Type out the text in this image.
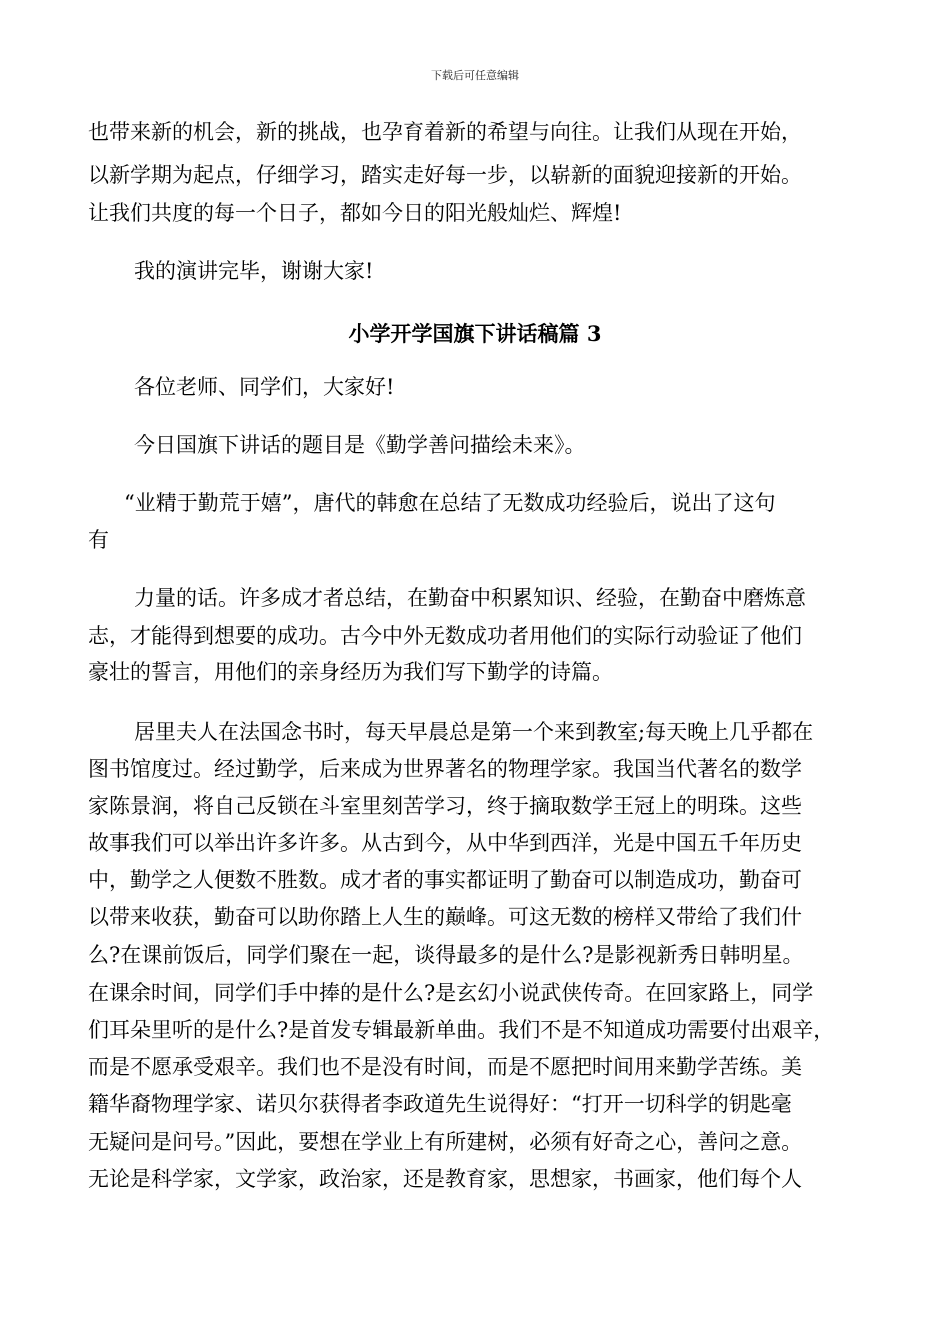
下载后可任意编辑
也带来新的机会，新的挑战，也孕育着新的希望与向往。让我们从现在开始，
以新学期为起点，仔细学习，踏实走好每一步，以崭新的面貌迎接新的开始。
让我们共度的每一个日子，都如今日的阳光般灿烂、辉煌!
我的演讲完毕，谢谢大家!
小学开学国旗下讲话稿篇 3
各位老师、同学们，大家好!
今日国旗下讲话的题目是《勤学善问描绘未来》。
“业精于勤荒于嬉”，唐代的韩愈在总结了无数成功经验后，说出了这句
有
力量的话。许多成才者总结，在勤奋中积累知识、经验，在勤奋中磨炼意
志，才能得到想要的成功。古今中外无数成功者用他们的实际行动验证了他们
豪壮的誓言，用他们的亲身经历为我们写下勤学的诗篇。
居里夫人在法国念书时，每天早晨总是第一个来到教室;每天晚上几乎都在
图书馆度过。经过勤学，后来成为世界著名的物理学家。我国当代著名的数学
家陈景润，将自己反锁在斗室里刻苦学习，终于摘取数学王冠上的明珠。这些
故事我们可以举出许多许多。从古到今，从中华到西洋，光是中国五千年历史
中，勤学之人便数不胜数。成才者的事实都证明了勤奋可以制造成功，勤奋可
以带来收获，勤奋可以助你踏上人生的巅峰。可这无数的榜样又带给了我们什
么?在课前饭后，同学们聚在一起，谈得最多的是什么?是影视新秀日韩明星。
在课余时间，同学们手中捧的是什么?是玄幻小说武侠传奇。在回家路上，同学
们耳朵里听的是什么?是首发专辑最新单曲。我们不是不知道成功需要付出艰辛，
而是不愿承受艰辛。我们也不是没有时间，而是不愿把时间用来勤学苦练。美
籍华裔物理学家、诺贝尔获得者李政道先生说得好：“打开一切科学的钥匙毫
无疑问是问号。”因此，要想在学业上有所建树，必须有好奇之心，善问之意。
无论是科学家，文学家，政治家，还是教育家，思想家，书画家，他们每个人
